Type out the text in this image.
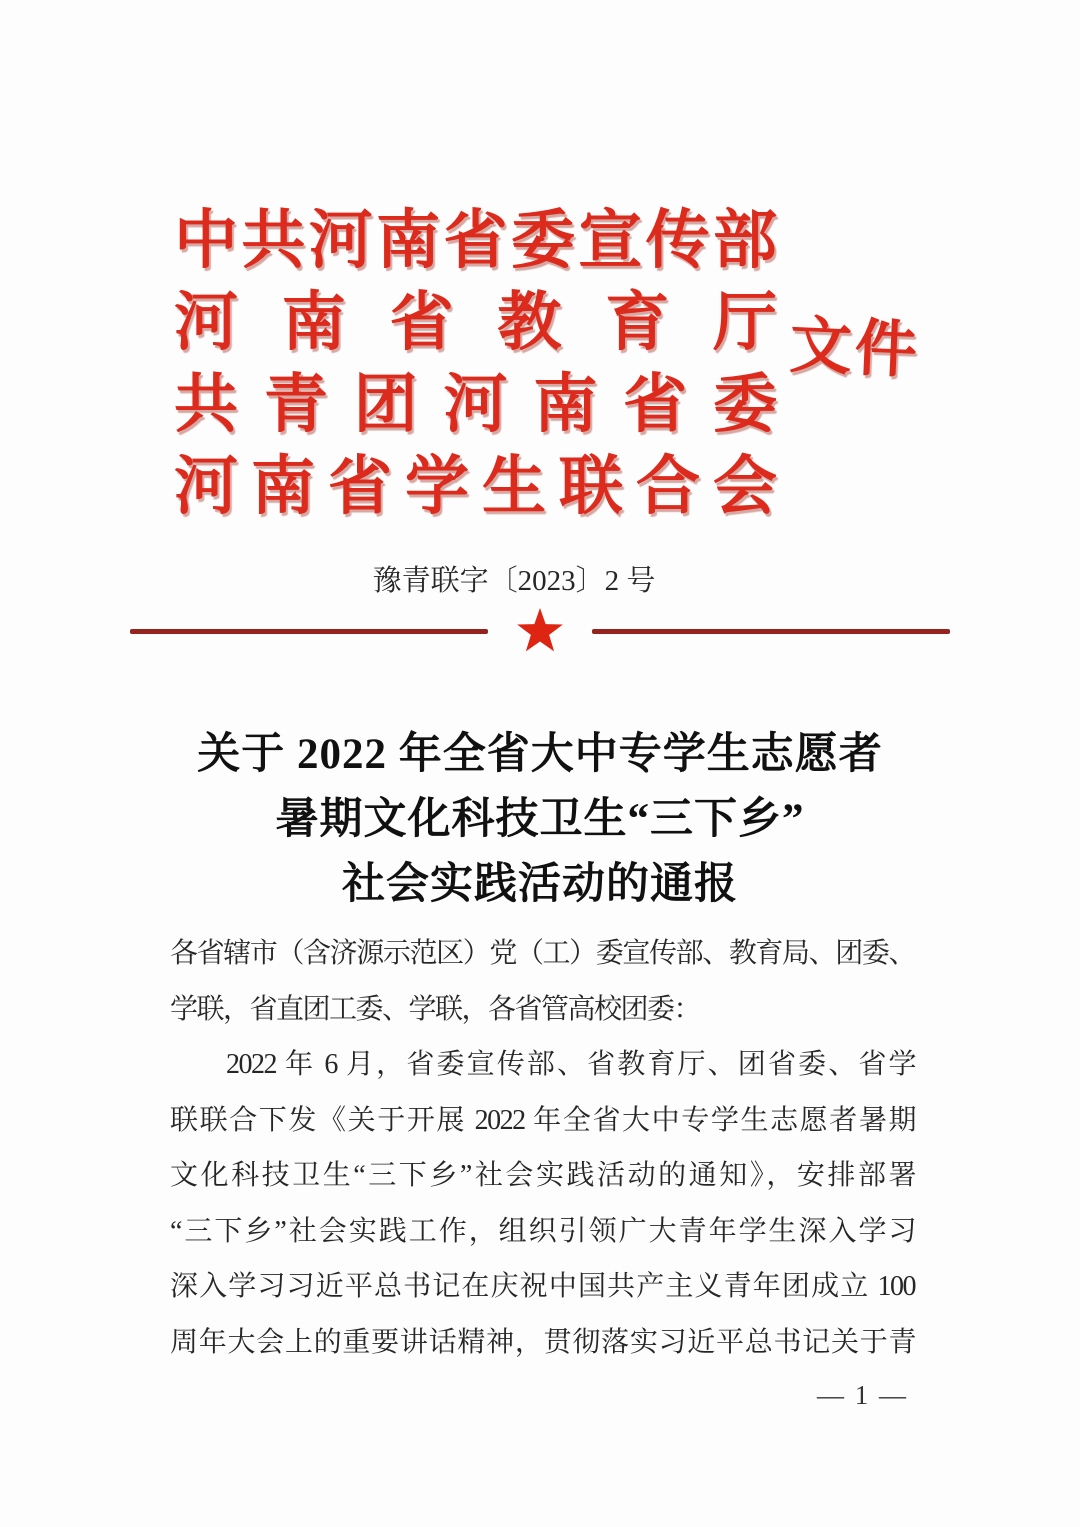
中 共 河 南 省 委 宣 传 部
河 南 省 教 育 厅
共 青 团 河 南 省 委
河 南 省 学 生 联 合 会
文件
豫青联字〔2023〕2 号
关于 2022 年全省大中专学生志愿者
暑期文化科技卫生“三下乡”
社会实践活动的通报

各省辖市（含济源示范区）党（工）委宣传部、教育局、团委、

学联，省直团工委、学联，各省管高校团委：

2022 年 6 月，省委宣传部、省教育厅、团省委、省学

联联合下发《关于开展 2022 年全省大中专学生志愿者暑期

文化科技卫生“三下乡”社会实践活动的通知》，安排部署

“三下乡”社会实践工作，组织引领广大青年学生深入学习

深入学习习近平总书记在庆祝中国共产主义青年团成立 100

周年大会上的重要讲话精神，贯彻落实习近平总书记关于青

— 1 —
